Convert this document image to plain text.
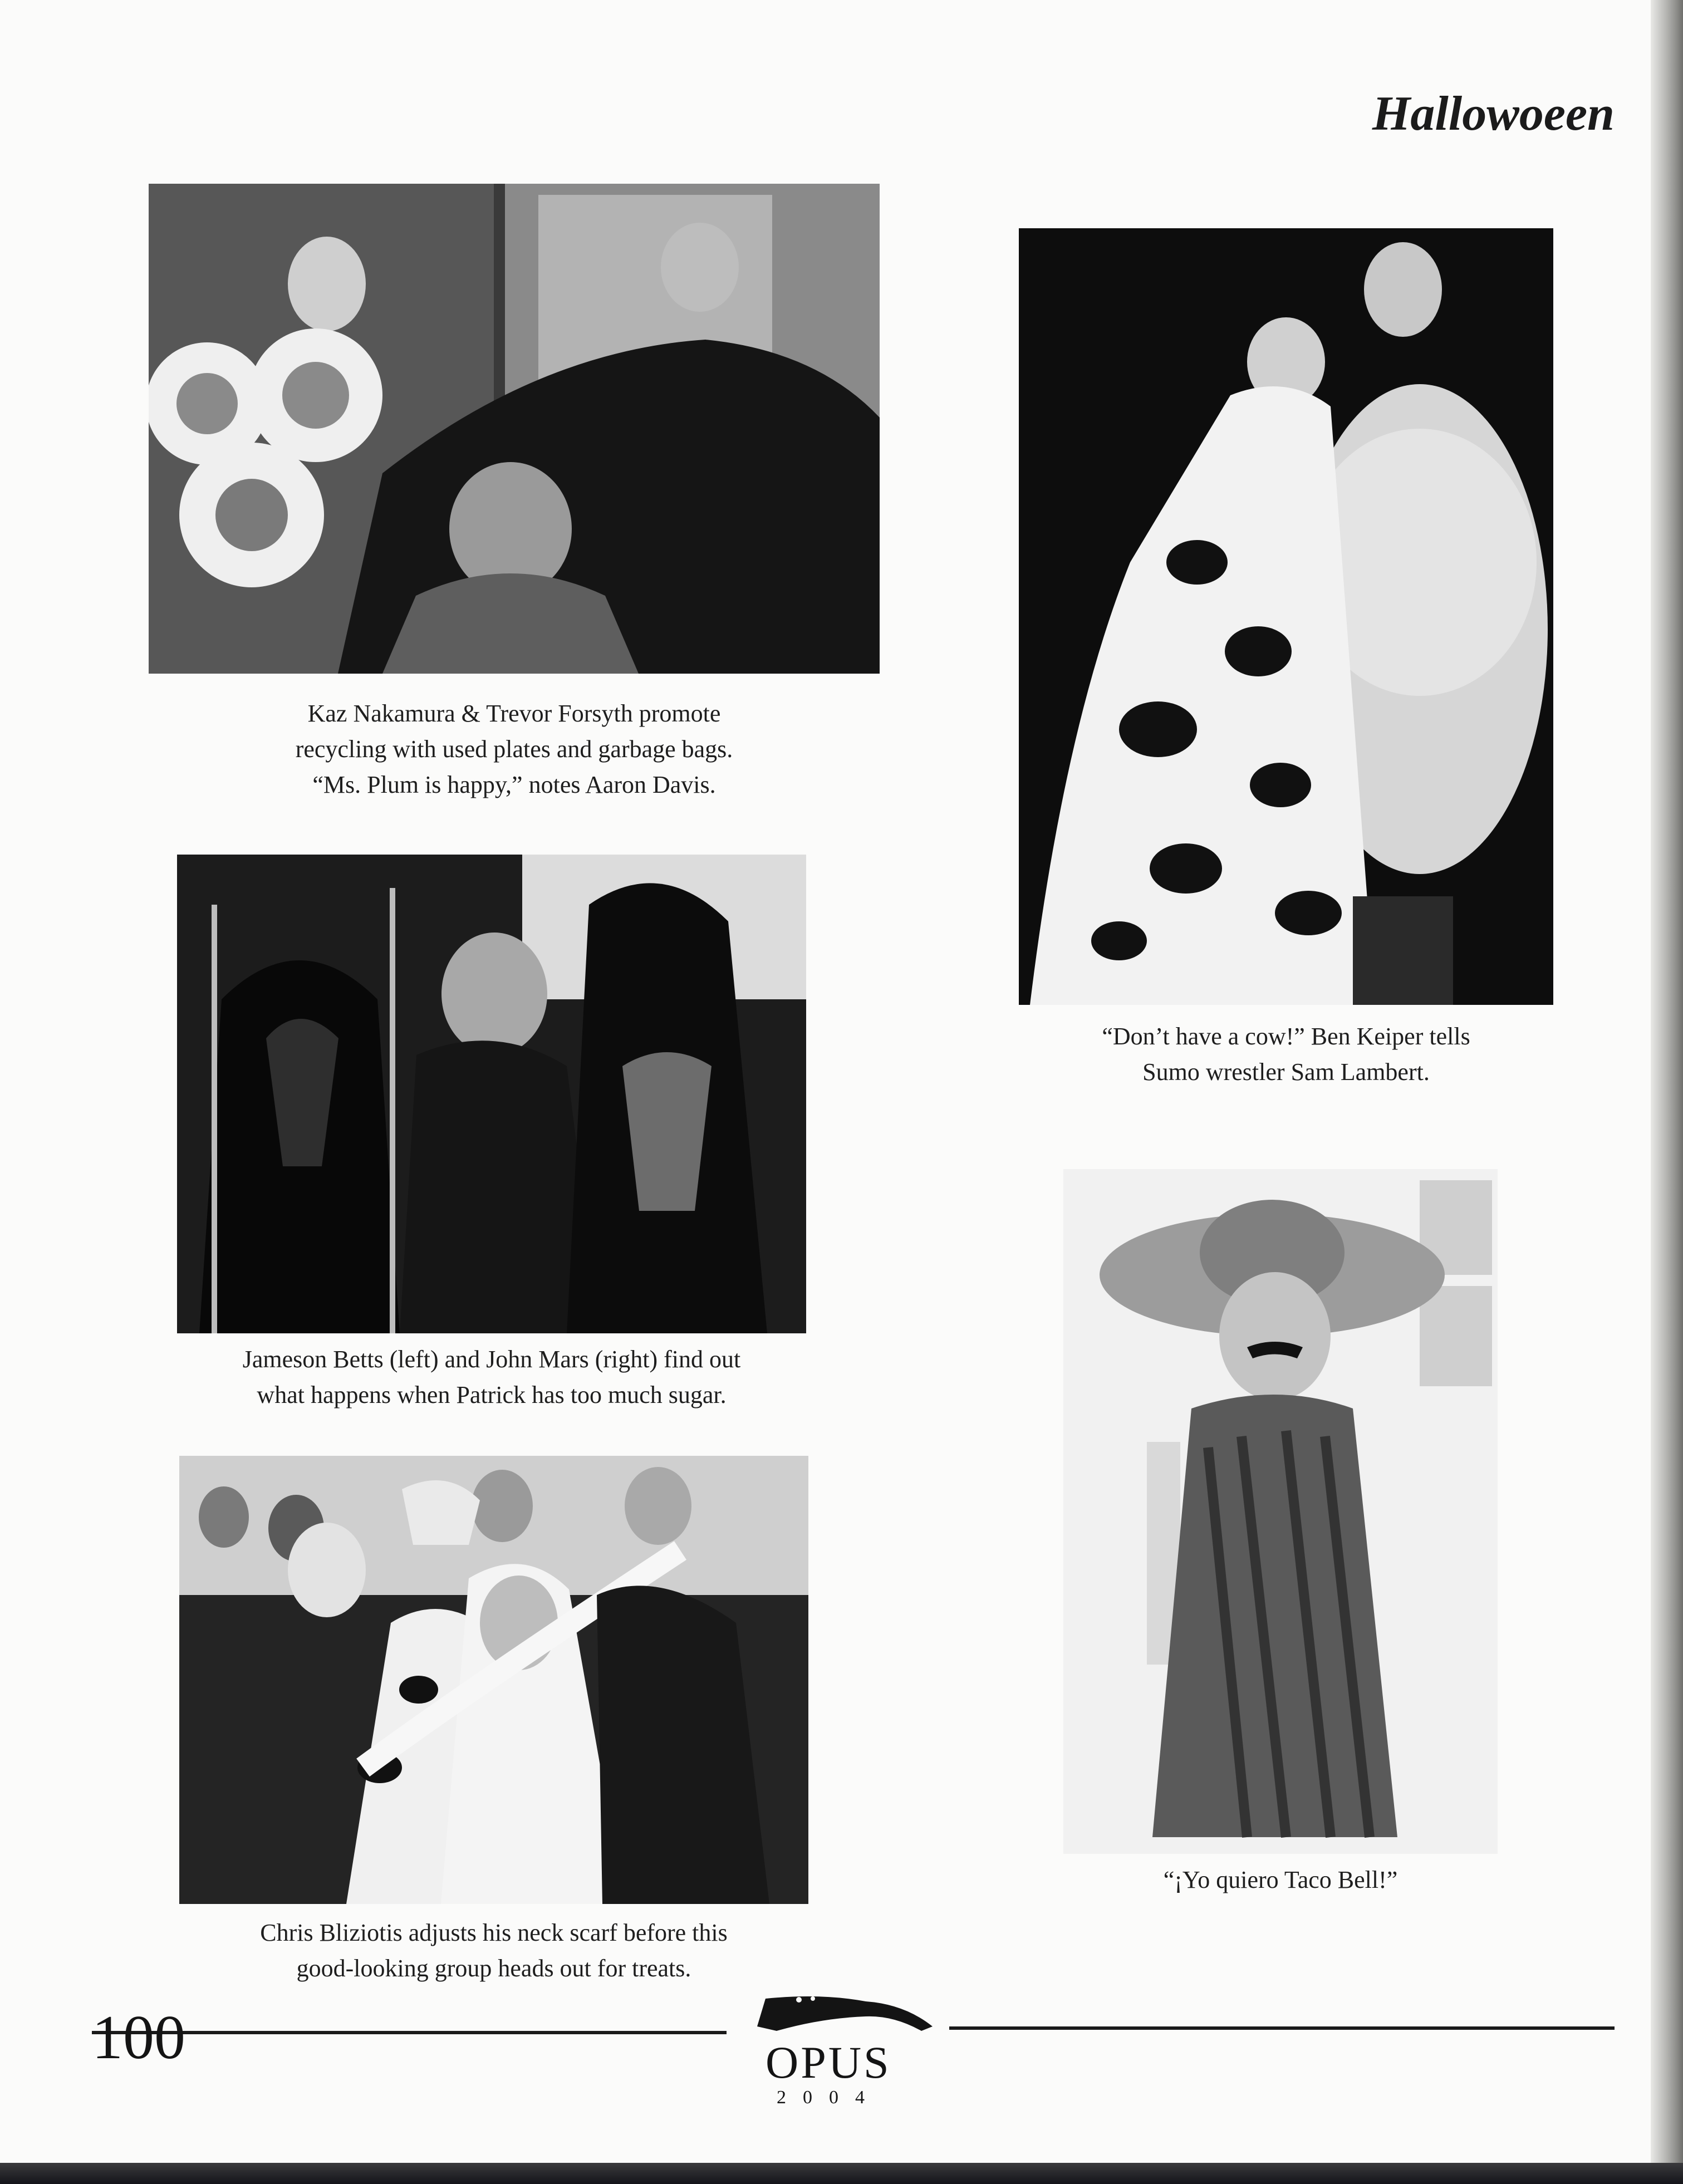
Hallowoeen
Kaz Nakamura & Trevor Forsyth promote
recycling with used plates and garbage bags.
“Ms. Plum is happy,” notes Aaron Davis.
“Don’t have a cow!” Ben Keiper tells
Sumo wrestler Sam Lambert.
Jameson Betts (left) and John Mars (right) find out
what happens when Patrick has too much sugar.
“¡Yo quiero Taco Bell!”
Chris Bliziotis adjusts his neck scarf before this
good-looking group heads out for treats.
100	OPUS
2004
